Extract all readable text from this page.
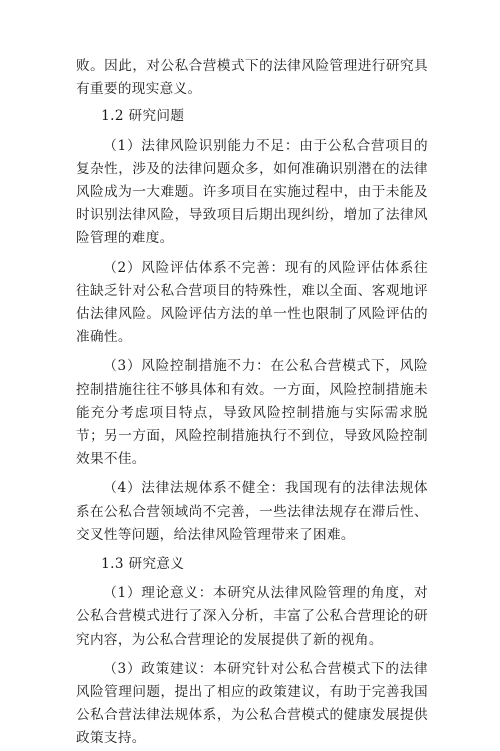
败。因此，对公私合营模式下的法律风险管理进行研究具有重要的现实意义。

1.2 研究问题

（1）法律风险识别能力不足：由于公私合营项目的复杂性，涉及的法律问题众多，如何准确识别潜在的法律风险成为一大难题。许多项目在实施过程中，由于未能及时识别法律风险，导致项目后期出现纠纷，增加了法律风险管理的难度。

（2）风险评估体系不完善：现有的风险评估体系往往缺乏针对公私合营项目的特殊性，难以全面、客观地评估法律风险。风险评估方法的单一性也限制了风险评估的准确性。

（3）风险控制措施不力：在公私合营模式下，风险控制措施往往不够具体和有效。一方面，风险控制措施未能充分考虑项目特点，导致风险控制措施与实际需求脱节；另一方面，风险控制措施执行不到位，导致风险控制效果不佳。

（4）法律法规体系不健全：我国现有的法律法规体系在公私合营领域尚不完善，一些法律法规存在滞后性、交叉性等问题，给法律风险管理带来了困难。

1.3 研究意义

（1）理论意义：本研究从法律风险管理的角度，对公私合营模式进行了深入分析，丰富了公私合营理论的研究内容，为公私合营理论的发展提供了新的视角。

（3）政策建议：本研究针对公私合营模式下的法律风险管理问题，提出了相应的政策建议，有助于完善我国公私合营法律法规体系，为公私合营模式的健康发展提供政策支持。
